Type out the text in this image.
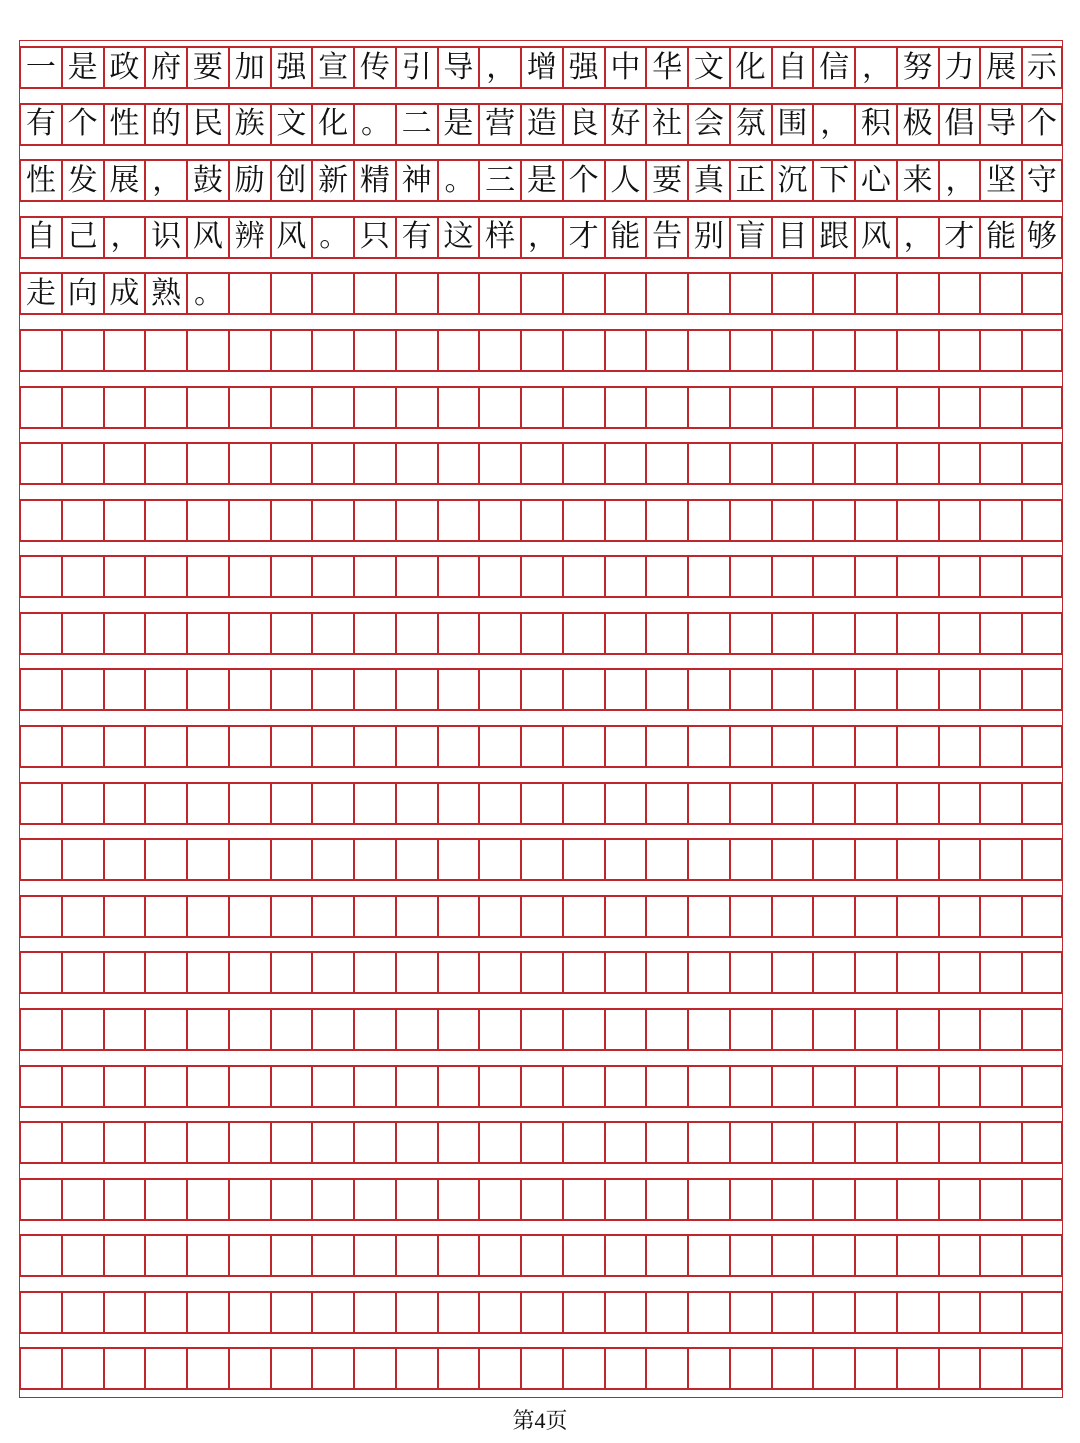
一 是 政 府 要 加 强 宣 传 引 导 ， 增 强 中 华 文 化 自 信 ， 努 力 展 示
有 个 性 的 民 族 文 化 。 二 是 营 造 良 好 社 会 氛 围 ， 积 极 倡 导 个
性 发 展 ， 鼓 励 创 新 精 神 。 三 是 个 人 要 真 正 沉 下 心 来 ， 坚 守
自 己 ， 识 风 辨 风 。 只 有 这 样 ， 才 能 告 别 盲 目 跟 风 ， 才 能 够
走 向 成 熟 。
第4页
